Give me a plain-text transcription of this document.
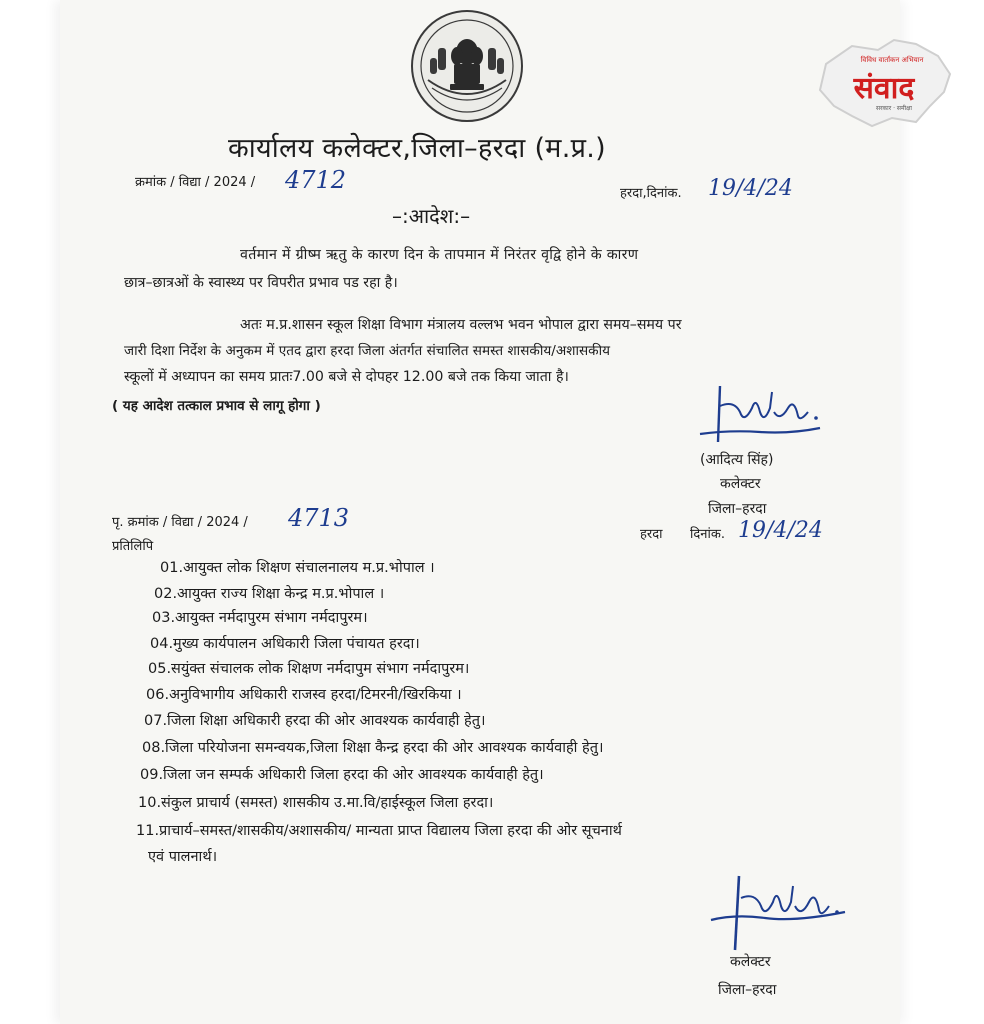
विविध वार्तांकन अभियान
संवाद
सरकार · समीक्षा
कार्यालय कलेक्टर,जिला–हरदा (म.प्र.)
क्रमांक / विद्या / 2024 / 4712	हरदा,दिनांक. 19/4/24
–:आदेश:–
वर्तमान में ग्रीष्म ऋतु के कारण दिन के तापमान में निरंतर वृद्वि होने के कारण
छात्र–छात्रओं के स्वास्थ्य पर विपरीत प्रभाव पड रहा है।
अतः म.प्र.शासन स्कूल शिक्षा विभाग मंत्रालय वल्लभ भवन भोपाल द्वारा समय–समय पर
जारी दिशा निर्देश के अनुकम में एतद द्वारा हरदा जिला अंतर्गत संचालित समस्त शासकीय/अशासकीय
स्कूलों में अध्यापन का समय प्रातः7.00 बजे से दोपहर 12.00 बजे तक किया जाता है।
( यह आदेश तत्काल प्रभाव से लागू होगा )
(आदित्य सिंह)
कलेक्टर
जिला–हरदा
पृ. क्रमांक / विद्या / 2024 / 4713
हरदा दिनांक. 19/4/24
प्रतिलिपि
01.आयुक्त लोक शिक्षण संचालनालय म.प्र.भोपाल ।
02.आयुक्त राज्य शिक्षा केन्द्र म.प्र.भोपाल ।
03.आयुक्त नर्मदापुरम संभाग नर्मदापुरम।
04.मुख्य कार्यपालन अधिकारी जिला पंचायत हरदा।
05.सयुंक्त संचालक लोक शिक्षण नर्मदापुम संभाग नर्मदापुरम।
06.अनुविभागीय अधिकारी राजस्व हरदा/टिमरनी/खिरकिया ।
07.जिला शिक्षा अधिकारी हरदा की ओर आवश्यक कार्यवाही हेतु।
08.जिला परियोजना समन्वयक,जिला शिक्षा कैन्द्र हरदा की ओर आवश्यक कार्यवाही हेतु।
09.जिला जन सम्पर्क अधिकारी जिला हरदा की ओर आवश्यक कार्यवाही हेतु।
10.संकुल प्राचार्य (समस्त) शासकीय उ.मा.वि/हाईस्कूल जिला हरदा।
11.प्राचार्य–समस्त/शासकीय/अशासकीय/ मान्यता प्राप्त विद्यालय जिला हरदा की ओर सूचनार्थ
एवं पालनार्थ।
कलेक्टर
जिला–हरदा
